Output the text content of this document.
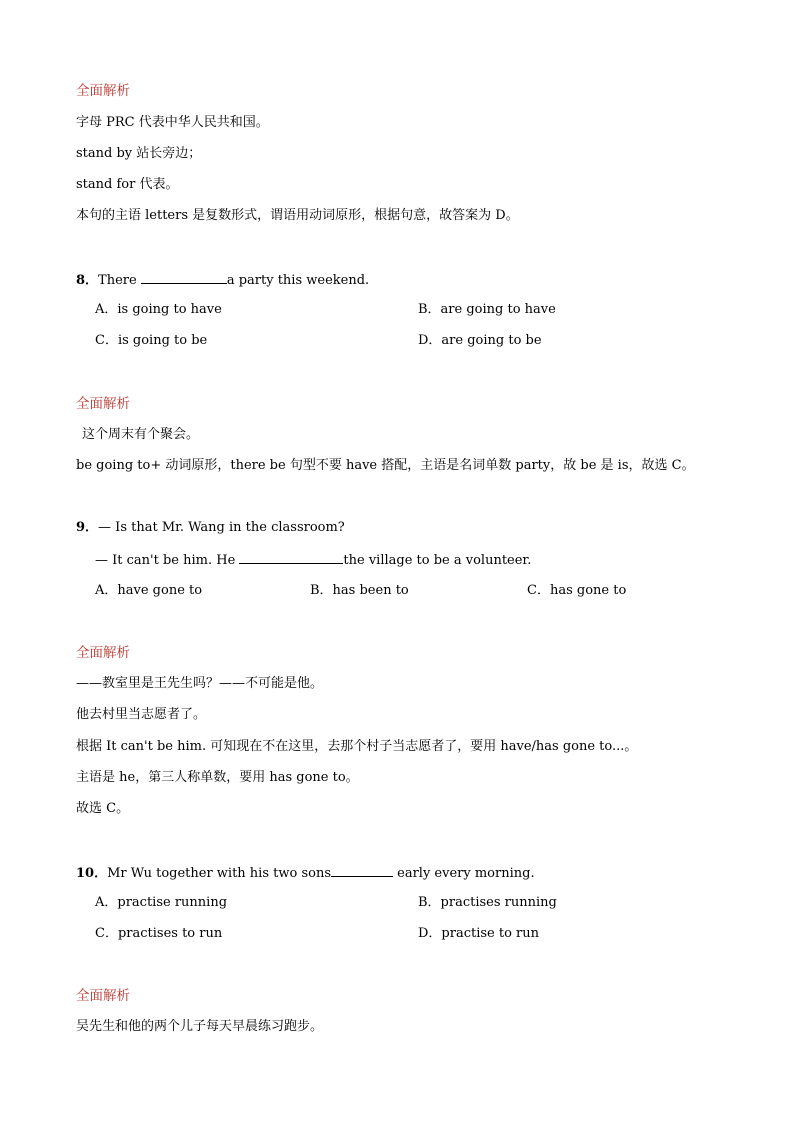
全面解析
字母 PRC 代表中华人民共和国。
stand by 站长旁边；
stand for 代表。
本句的主语 letters 是复数形式，谓语用动词原形，根据句意，故答案为 D。
8．There	a party this weekend.
A．is going to have	B．are going to have
C．is going to be	D．are going to be
全面解析
这个周末有个聚会。
be going to+ 动词原形，there be 句型不要 have 搭配，主语是名词单数 party，故 be 是 is，故选 C。
9．— Is that Mr. Wang in the classroom?
— It can't be him. He	the village to be a volunteer.
A．have gone to	B．has been to	C．has gone to
全面解析
——教室里是王先生吗？——不可能是他。
他去村里当志愿者了。
根据 It can't be him. 可知现在不在这里，去那个村子当志愿者了，要用 have/has gone to...。
主语是 he，第三人称单数，要用 has gone to。
故选 C。
10．Mr Wu together with his two sons	early every morning.
A．practise running	B．practises running
C．practises to run	D．practise to run
全面解析
吴先生和他的两个儿子每天早晨练习跑步。
